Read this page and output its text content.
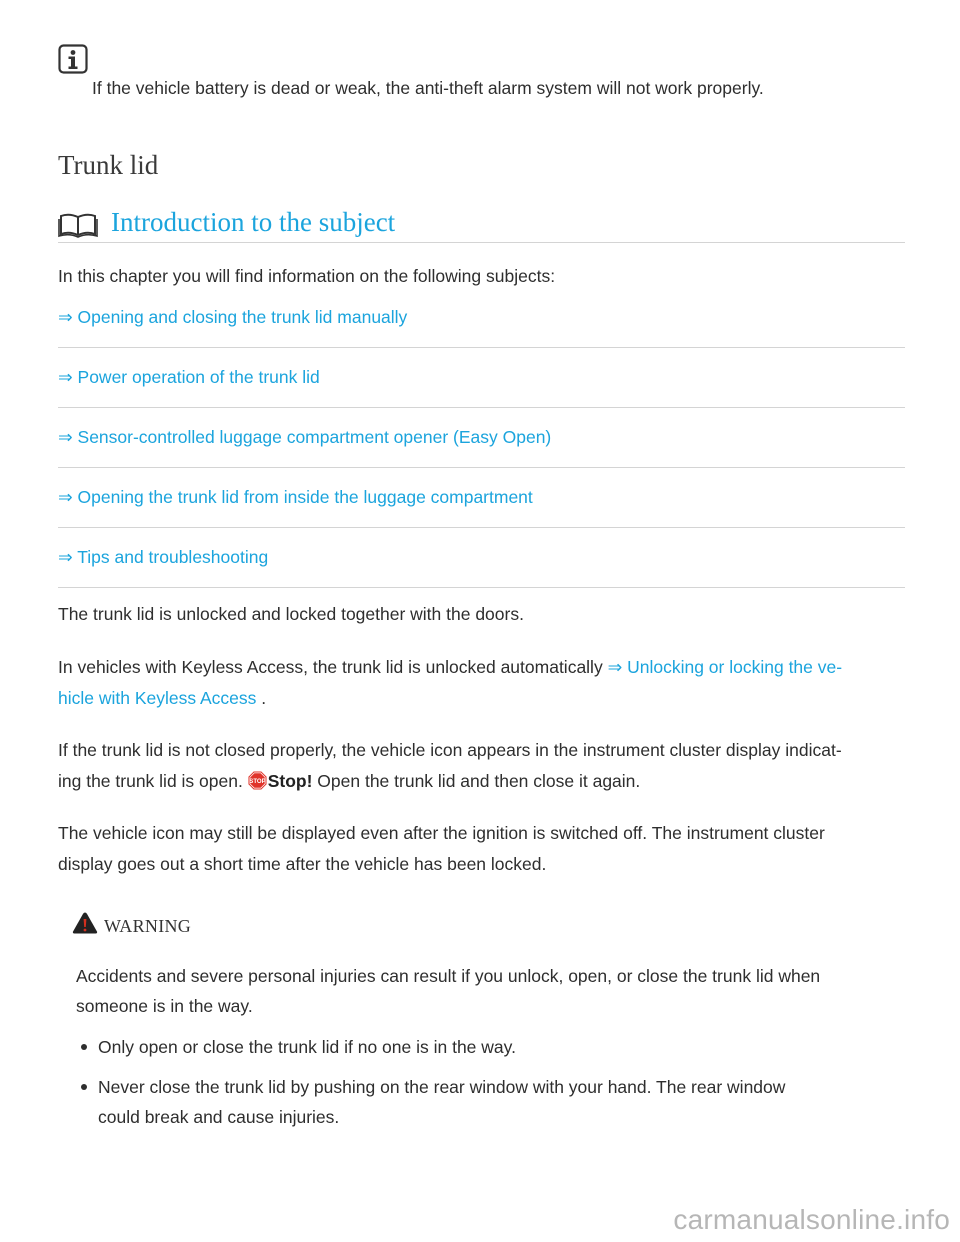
If the vehicle battery is dead or weak, the anti-theft alarm system will not work properly.
Trunk lid
Introduction to the subject
In this chapter you will find information on the following subjects:
⇒ Opening and closing the trunk lid manually
⇒ Power operation of the trunk lid
⇒ Sensor-controlled luggage compartment opener (Easy Open)
⇒ Opening the trunk lid from inside the luggage compartment
⇒ Tips and troubleshooting
The trunk lid is unlocked and locked together with the doors.
In vehicles with Keyless Access, the trunk lid is unlocked automatically ⇒ Unlocking or locking the ve-
hicle with Keyless Access .
If the trunk lid is not closed properly, the vehicle icon appears in the instrument cluster display indicat-
ing the trunk lid is open. STOP Stop! Open the trunk lid and then close it again.
The vehicle icon may still be displayed even after the ignition is switched off. The instrument cluster
display goes out a short time after the vehicle has been locked.
WARNING
Accidents and severe personal injuries can result if you unlock, open, or close the trunk lid when
someone is in the way.
Only open or close the trunk lid if no one is in the way.
Never close the trunk lid by pushing on the rear window with your hand. The rear window
could break and cause injuries.
carmanualsonline.info
